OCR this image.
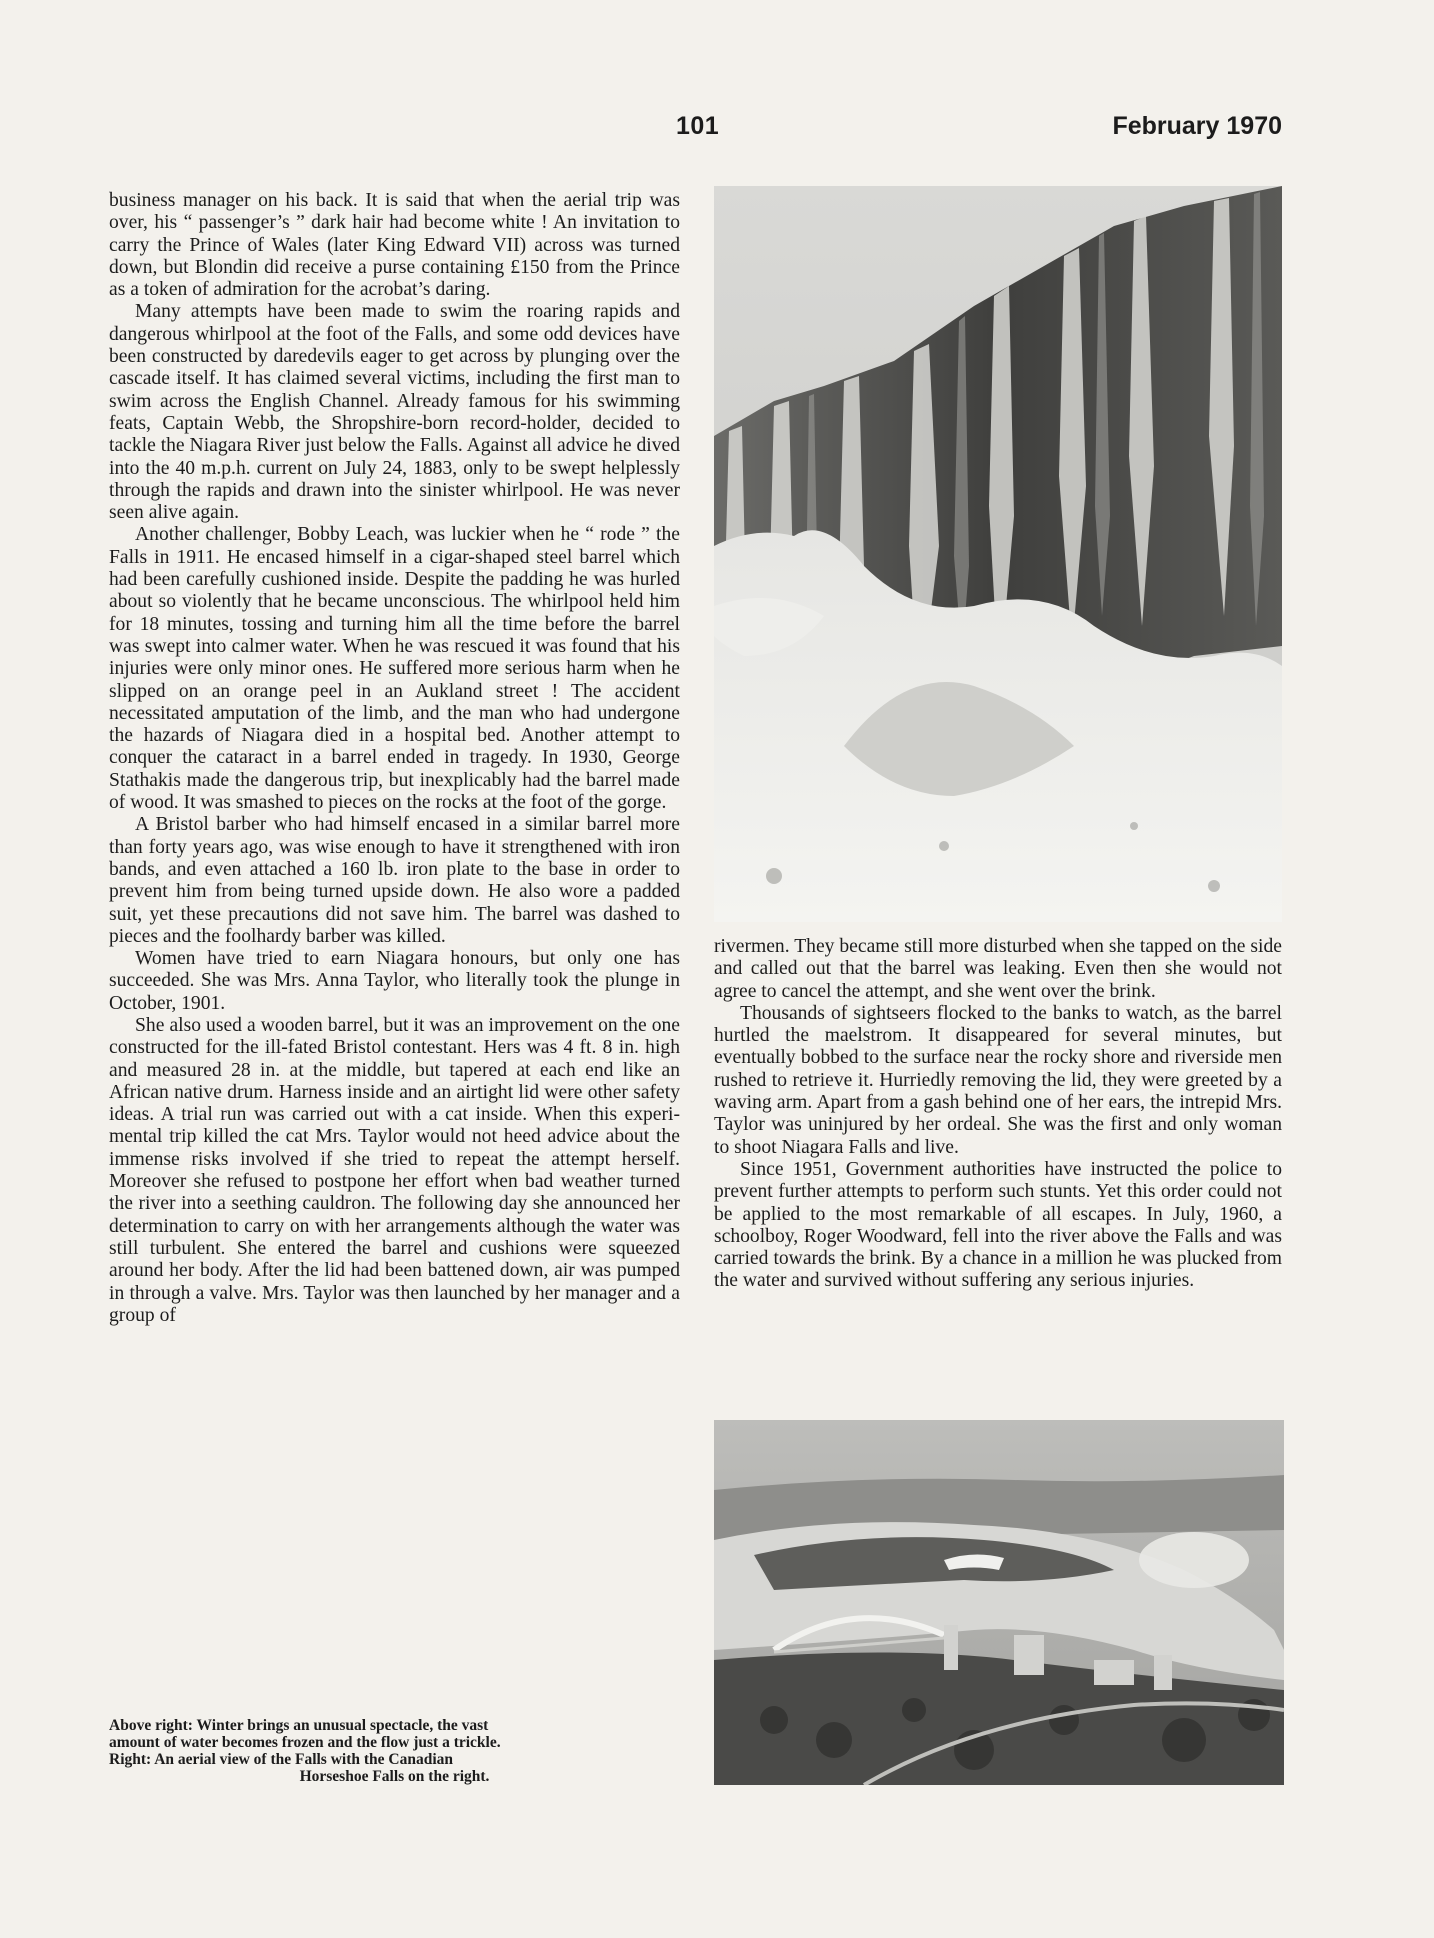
101	February 1970

business manager on his back. It is said that when the aerial trip was over, his “ passenger’s ” dark hair had become white ! An invitation to carry the Prince of Wales (later King Edward VII) across was turned down, but Blondin did receive a purse containing £150 from the Prince as a token of admiration for the acrobat’s daring.

Many attempts have been made to swim the roaring rapids and dangerous whirlpool at the foot of the Falls, and some odd devices have been constructed by daredevils eager to get across by plunging over the cascade itself. It has claimed several victims, including the first man to swim across the English Channel. Already famous for his swimming feats, Captain Webb, the Shropshire-born record-holder, decided to tackle the Niagara River just below the Falls. Against all advice he dived into the 40 m.p.h. current on July 24, 1883, only to be swept helplessly through the rapids and drawn into the sinister whirlpool. He was never seen alive again.

Another challenger, Bobby Leach, was luckier when he “ rode ” the Falls in 1911. He encased himself in a cigar-shaped steel barrel which had been carefully cushioned inside. Despite the padding he was hurled about so violently that he became unconscious. The whirlpool held him for 18 minutes, tossing and turning him all the time before the barrel was swept into calmer water. When he was rescued it was found that his injuries were only minor ones. He suffered more serious harm when he slipped on an orange peel in an Aukland street ! The accident necessitated amputation of the limb, and the man who had undergone the hazards of Niagara died in a hospital bed. Another attempt to conquer the cataract in a barrel ended in tragedy. In 1930, George Stathakis made the dangerous trip, but inexplicably had the barrel made of wood. It was smashed to pieces on the rocks at the foot of the gorge.

A Bristol barber who had himself encased in a similar barrel more than forty years ago, was wise enough to have it strengthened with iron bands, and even attached a 160 lb. iron plate to the base in order to prevent him from being turned upside down. He also wore a padded suit, yet these precautions did not save him. The barrel was dashed to pieces and the foolhardy barber was killed.

Women have tried to earn Niagara honours, but only one has succeeded. She was Mrs. Anna Taylor, who literally took the plunge in October, 1901.

She also used a wooden barrel, but it was an improvement on the one constructed for the ill-fated Bristol contestant. Hers was 4 ft. 8 in. high and measured 28 in. at the middle, but tapered at each end like an African native drum. Harness inside and an airtight lid were other safety ideas. A trial run was carried out with a cat inside. When this experimental trip killed the cat Mrs. Taylor would not heed advice about the immense risks involved if she tried to repeat the attempt herself. Moreover she refused to postpone her effort when bad weather turned the river into a seething cauldron. The following day she announced her determination to carry on with her arrangements although the water was still turbulent. She entered the barrel and cushions were squeezed around her body. After the lid had been battened down, air was pumped in through a valve. Mrs. Taylor was then launched by her manager and a group of

Above right: Winter brings an unusual spectacle, the vast
amount of water becomes frozen and the flow just a trickle.
Right: An aerial view of the Falls with the Canadian
Horseshoe Falls on the right.

rivermen. They became still more disturbed when she tapped on the side and called out that the barrel was leaking. Even then she would not agree to cancel the attempt, and she went over the brink.

Thousands of sightseers flocked to the banks to watch, as the barrel hurtled the maelstrom. It disappeared for several minutes, but eventually bobbed to the surface near the rocky shore and riverside men rushed to retrieve it. Hurriedly removing the lid, they were greeted by a waving arm. Apart from a gash behind one of her ears, the intrepid Mrs. Taylor was uninjured by her ordeal. She was the first and only woman to shoot Niagara Falls and live.

Since 1951, Government authorities have instructed the police to prevent further attempts to perform such stunts. Yet this order could not be applied to the most remarkable of all escapes. In July, 1960, a schoolboy, Roger Woodward, fell into the river above the Falls and was carried towards the brink. By a chance in a million he was plucked from the water and survived without suffering any serious injuries.
